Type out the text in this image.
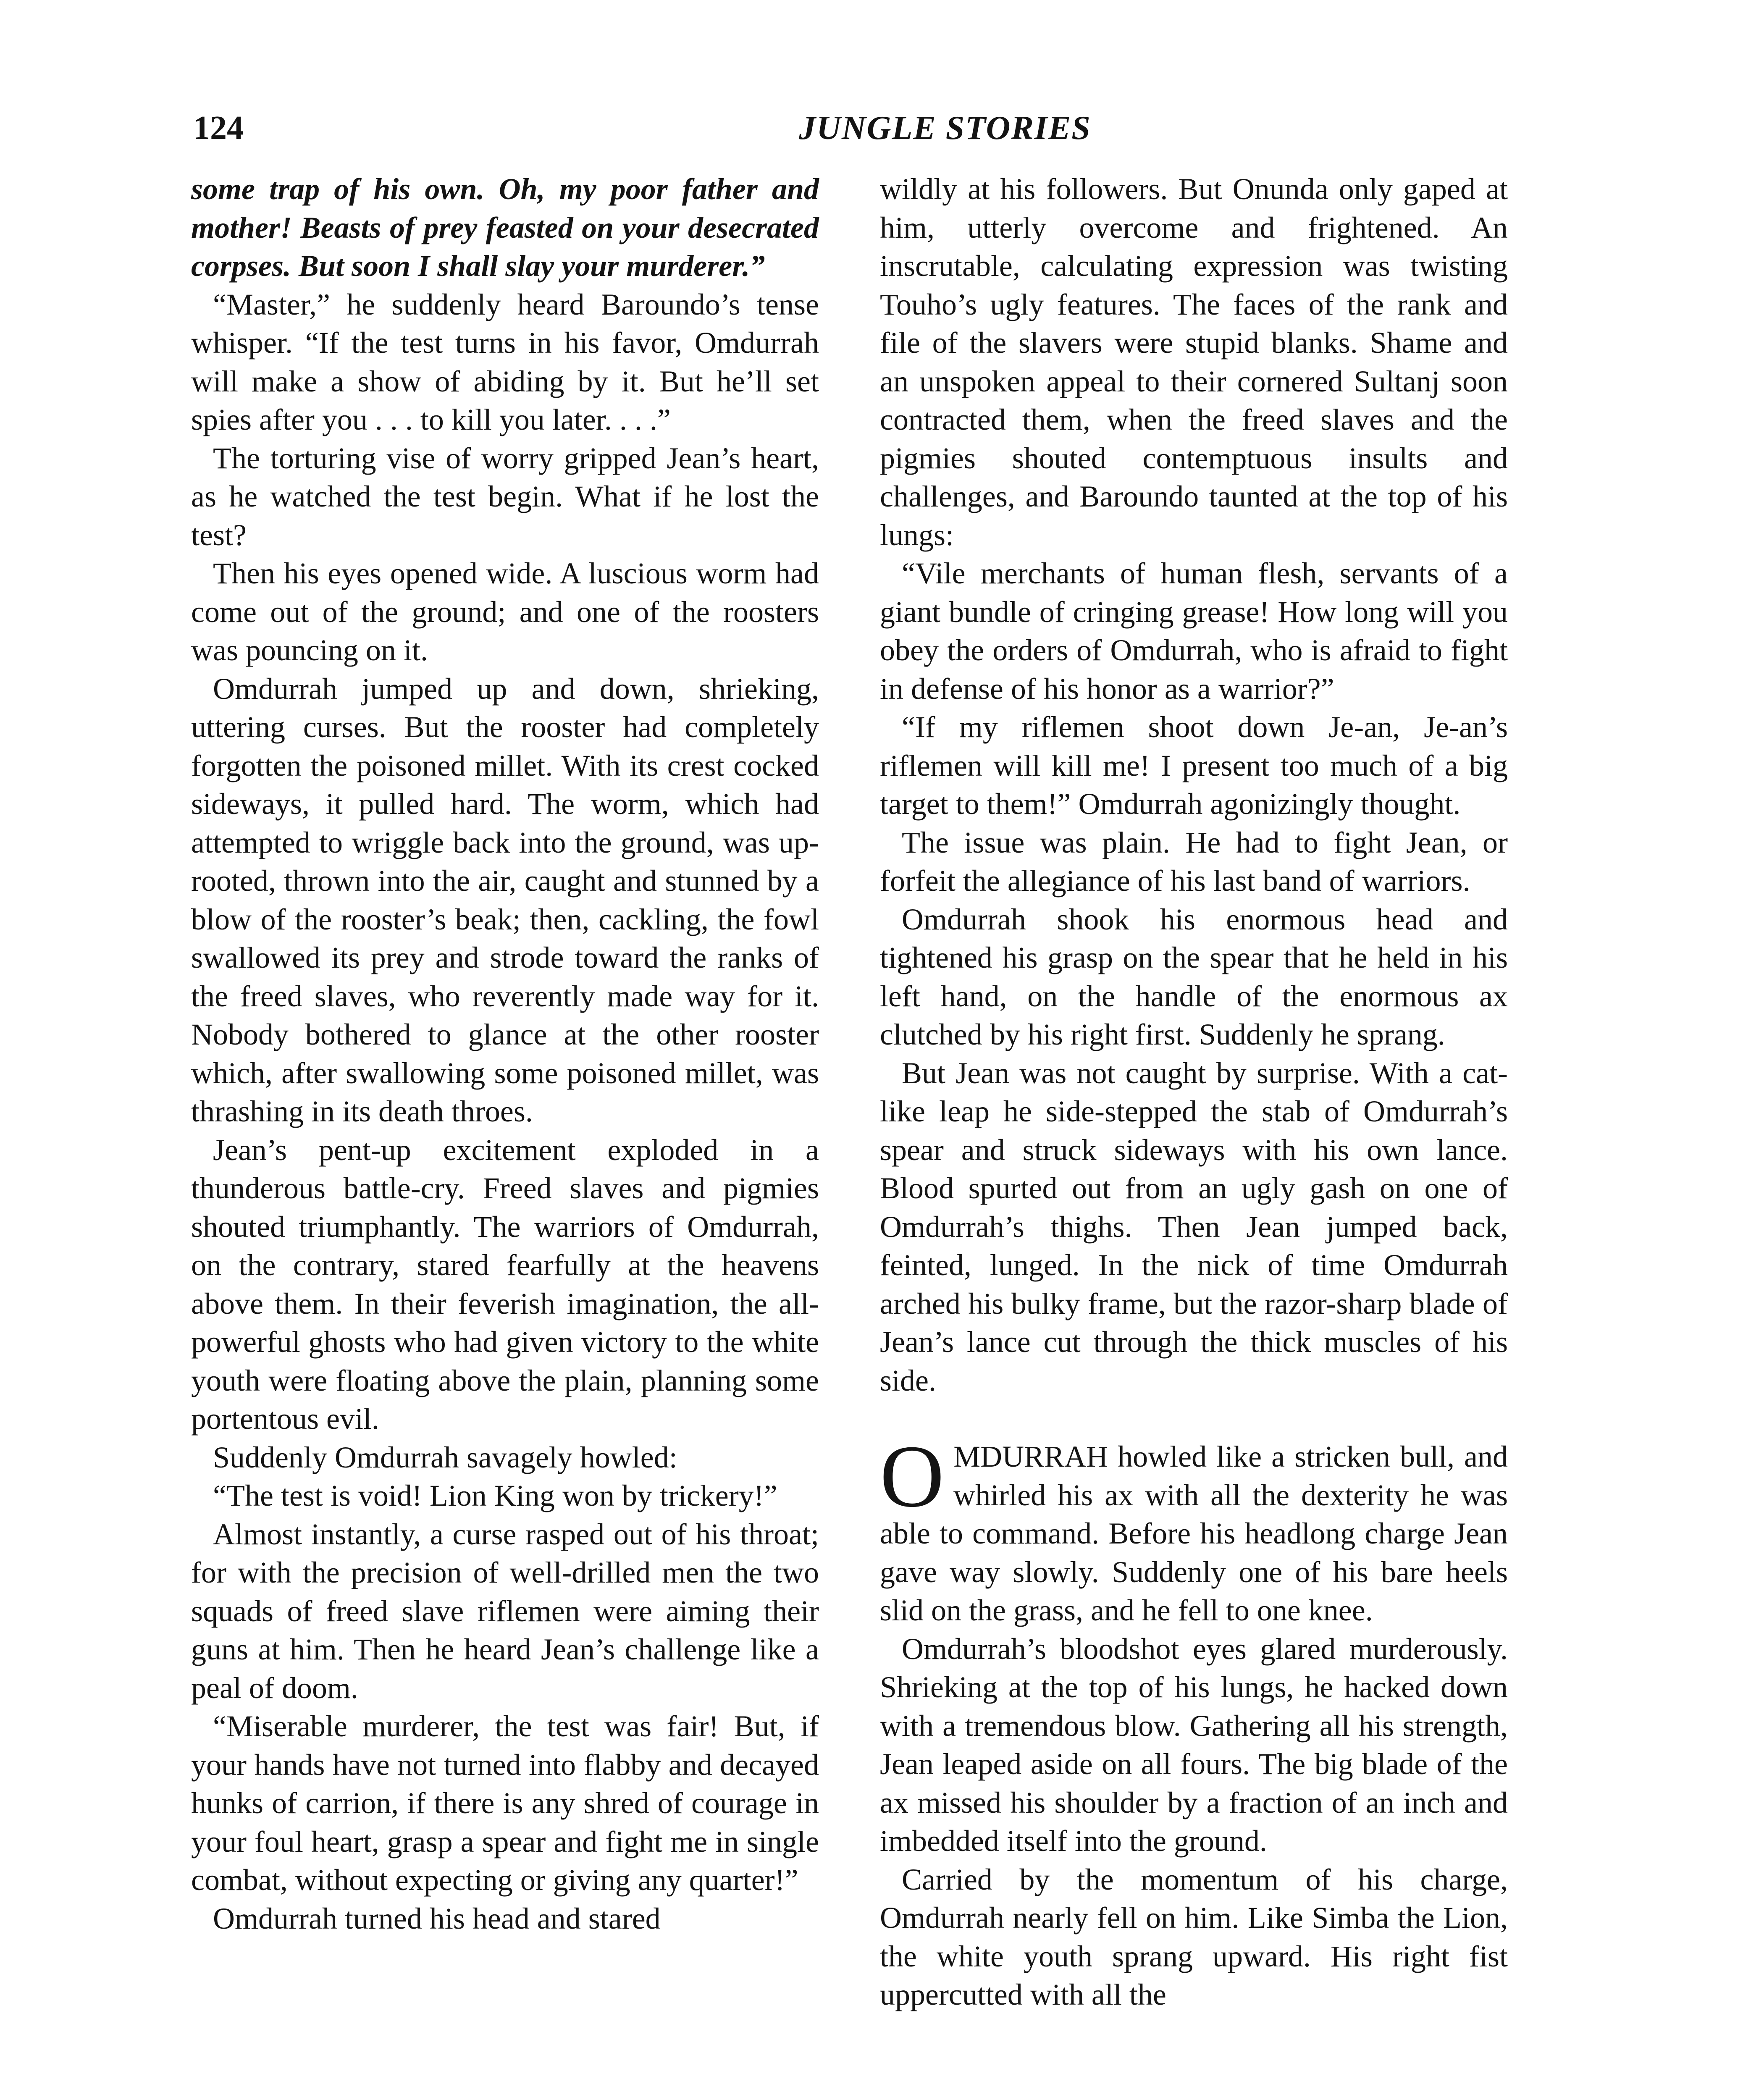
124	JUNGLE STORIES

some trap of his own. Oh, my poor father and mother! Beasts of prey feasted on your desecrated corpses. But soon I shall slay your murderer.”

“Master,” he suddenly heard Baroundo’s tense whisper. “If the test turns in his favor, Omdurrah will make a show of abiding by it. But he’ll set spies after you . . . to kill you later. . . .”

The torturing vise of worry gripped Jean’s heart, as he watched the test begin. What if he lost the test?

Then his eyes opened wide. A luscious worm had come out of the ground; and one of the roosters was pouncing on it.

Omdurrah jumped up and down, shrieking, uttering curses. But the rooster had completely forgotten the poisoned millet. With its crest cocked sideways, it pulled hard. The worm, which had attempted to wriggle back into the ground, was uprooted, thrown into the air, caught and stunned by a blow of the rooster’s beak; then, cackling, the fowl swallowed its prey and strode toward the ranks of the freed slaves, who reverently made way for it. Nobody bothered to glance at the other rooster which, after swallowing some poisoned millet, was thrashing in its death throes.

Jean’s pent-up excitement exploded in a thunderous battle-cry. Freed slaves and pigmies shouted triumphantly. The warriors of Omdurrah, on the contrary, stared fearfully at the heavens above them. In their feverish imagination, the all-powerful ghosts who had given victory to the white youth were floating above the plain, planning some portentous evil.

Suddenly Omdurrah savagely howled:

“The test is void! Lion King won by trickery!”

Almost instantly, a curse rasped out of his throat; for with the precision of well-drilled men the two squads of freed slave riflemen were aiming their guns at him. Then he heard Jean’s challenge like a peal of doom.

“Miserable murderer, the test was fair! But, if your hands have not turned into flabby and decayed hunks of carrion, if there is any shred of courage in your foul heart, grasp a spear and fight me in single combat, without expecting or giving any quarter!”

Omdurrah turned his head and stared

wildly at his followers. But Onunda only gaped at him, utterly overcome and frightened. An inscrutable, calculating expression was twisting Touho’s ugly features. The faces of the rank and file of the slavers were stupid blanks. Shame and an unspoken appeal to their cornered Sultanj soon contracted them, when the freed slaves and the pigmies shouted contemptuous insults and challenges, and Baroundo taunted at the top of his lungs:

“Vile merchants of human flesh, servants of a giant bundle of cringing grease! How long will you obey the orders of Omdurrah, who is afraid to fight in defense of his honor as a warrior?”

“If my riflemen shoot down Je-an, Je-an’s riflemen will kill me! I present too much of a big target to them!” Omdurrah agonizingly thought.

The issue was plain. He had to fight Jean, or forfeit the allegiance of his last band of warriors.

Omdurrah shook his enormous head and tightened his grasp on the spear that he held in his left hand, on the handle of the enormous ax clutched by his right first. Suddenly he sprang.

But Jean was not caught by surprise. With a cat-like leap he side-stepped the stab of Omdurrah’s spear and struck sideways with his own lance. Blood spurted out from an ugly gash on one of Omdurrah’s thighs. Then Jean jumped back, feinted, lunged. In the nick of time Omdurrah arched his bulky frame, but the razor-sharp blade of Jean’s lance cut through the thick muscles of his side.

OMDURRAH howled like a stricken bull, and whirled his ax with all the dexterity he was able to command. Before his headlong charge Jean gave way slowly. Suddenly one of his bare heels slid on the grass, and he fell to one knee.

Omdurrah’s bloodshot eyes glared murderously. Shrieking at the top of his lungs, he hacked down with a tremendous blow. Gathering all his strength, Jean leaped aside on all fours. The big blade of the ax missed his shoulder by a fraction of an inch and imbedded itself into the ground.

Carried by the momentum of his charge, Omdurrah nearly fell on him. Like Simba the Lion, the white youth sprang upward. His right fist uppercutted with all the
